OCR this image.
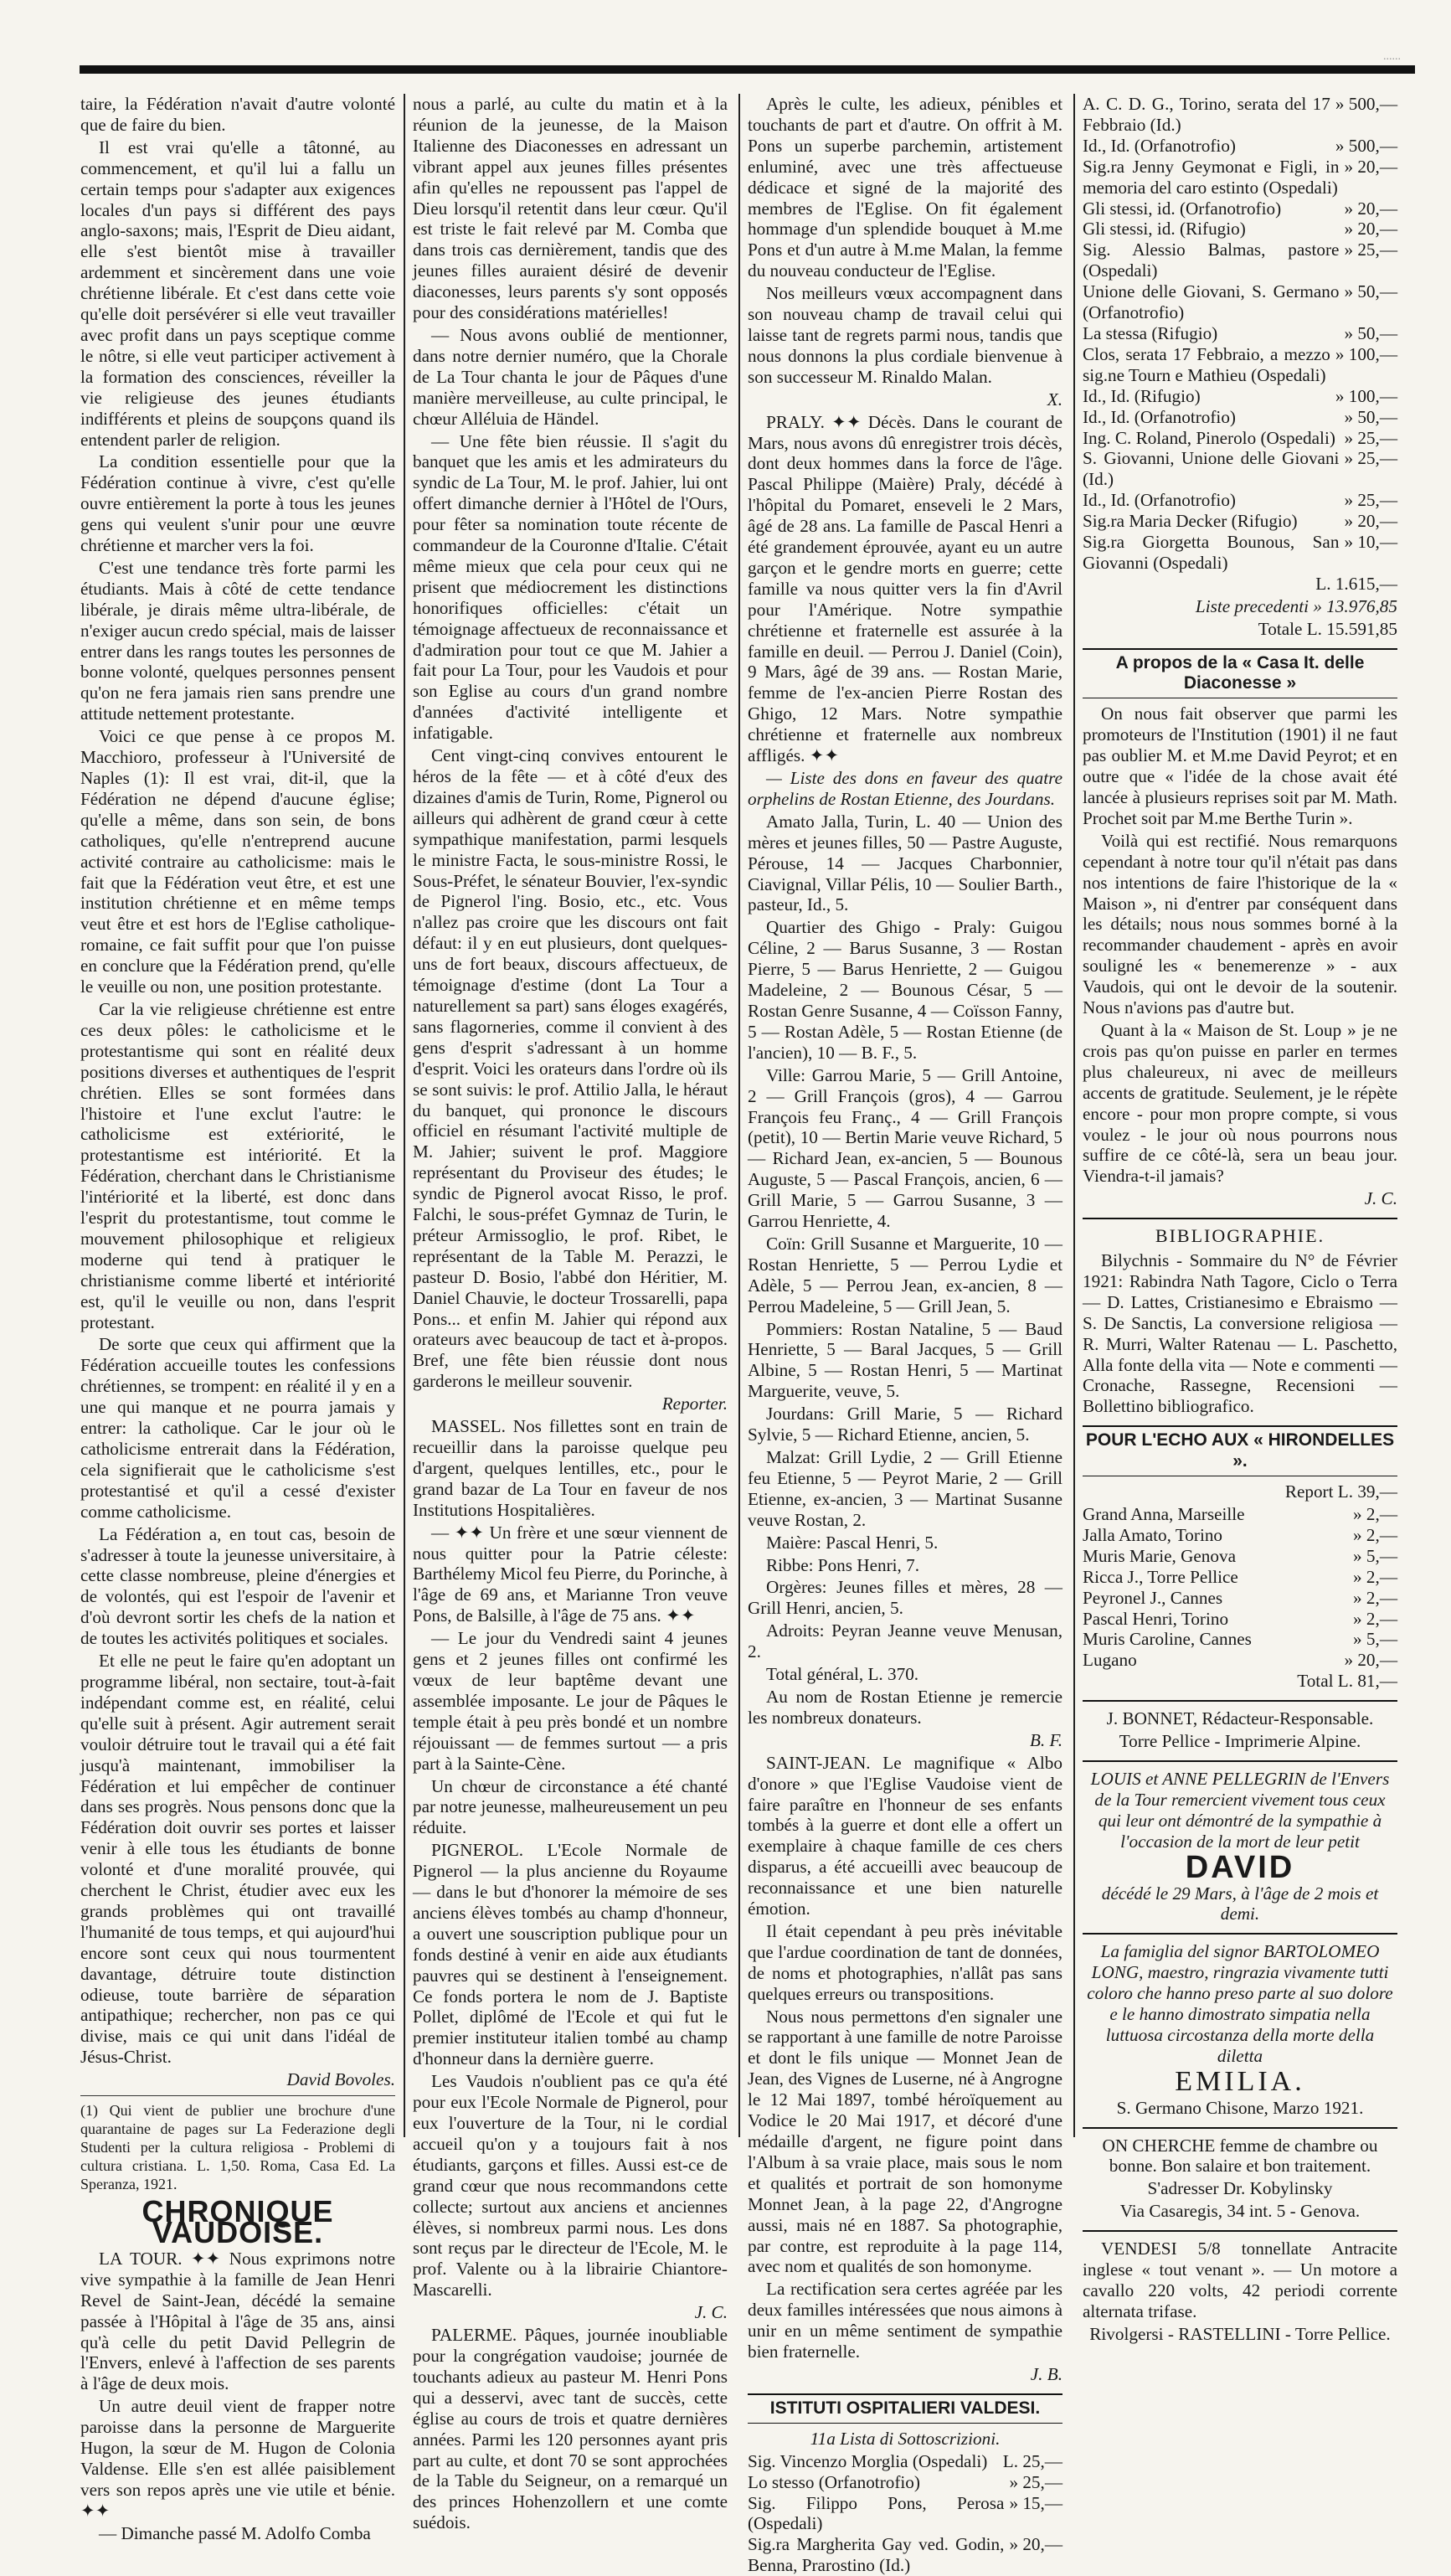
......

taire, la Fédération n'avait d'autre volonté que de faire du bien.

Il est vrai qu'elle a tâtonné, au commencement, et qu'il lui a fallu un certain temps pour s'adapter aux exigences locales d'un pays si différent des pays anglo-saxons; mais, l'Esprit de Dieu aidant, elle s'est bientôt mise à travailler ardemment et sincèrement dans une voie chrétienne libérale. Et c'est dans cette voie qu'elle doit persévérer si elle veut travailler avec profit dans un pays sceptique comme le nôtre, si elle veut participer activement à la formation des consciences, réveiller la vie religieuse des jeunes étudiants indifférents et pleins de soupçons quand ils entendent parler de religion.

La condition essentielle pour que la Fédération continue à vivre, c'est qu'elle ouvre entièrement la porte à tous les jeunes gens qui veulent s'unir pour une œuvre chrétienne et marcher vers la foi.

C'est une tendance très forte parmi les étudiants. Mais à côté de cette tendance libérale, je dirais même ultra-libérale, de n'exiger aucun credo spécial, mais de laisser entrer dans les rangs toutes les personnes de bonne volonté, quelques personnes pensent qu'on ne fera jamais rien sans prendre une attitude nettement protestante.

Voici ce que pense à ce propos M. Macchioro, professeur à l'Université de Naples (1): Il est vrai, dit-il, que la Fédération ne dépend d'aucune église; qu'elle a même, dans son sein, de bons catholiques, qu'elle n'entreprend aucune activité contraire au catholicisme: mais le fait que la Fédération veut être, et est une institution chrétienne et en même temps veut être et est hors de l'Eglise catholique-romaine, ce fait suffit pour que l'on puisse en conclure que la Fédération prend, qu'elle le veuille ou non, une position protestante.

Car la vie religieuse chrétienne est entre ces deux pôles: le catholicisme et le protestantisme qui sont en réalité deux positions diverses et authentiques de l'esprit chrétien. Elles se sont formées dans l'histoire et l'une exclut l'autre: le catholicisme est extériorité, le protestantisme est intériorité. Et la Fédération, cherchant dans le Christianisme l'intériorité et la liberté, est donc dans l'esprit du protestantisme, tout comme le mouvement philosophique et religieux moderne qui tend à pratiquer le christianisme comme liberté et intériorité est, qu'il le veuille ou non, dans l'esprit protestant.

De sorte que ceux qui affirment que la Fédération accueille toutes les confessions chrétiennes, se trompent: en réalité il y en a une qui manque et ne pourra jamais y entrer: la catholique. Car le jour où le catholicisme entrerait dans la Fédération, cela signifierait que le catholicisme s'est protestantisé et qu'il a cessé d'exister comme catholicisme.

La Fédération a, en tout cas, besoin de s'adresser à toute la jeunesse universitaire, à cette classe nombreuse, pleine d'énergies et de volontés, qui est l'espoir de l'avenir et d'où devront sortir les chefs de la nation et de toutes les activités politiques et sociales.

Et elle ne peut le faire qu'en adoptant un programme libéral, non sectaire, tout-à-fait indépendant comme est, en réalité, celui qu'elle suit à présent. Agir autrement serait vouloir détruire tout le travail qui a été fait jusqu'à maintenant, immobiliser la Fédération et lui empêcher de continuer dans ses progrès. Nous pensons donc que la Fédération doit ouvrir ses portes et laisser venir à elle tous les étudiants de bonne volonté et d'une moralité prouvée, qui cherchent le Christ, étudier avec eux les grands problèmes qui ont travaillé l'humanité de tous temps, et qui aujourd'hui encore sont ceux qui nous tourmentent davantage, détruire toute distinction odieuse, toute barrière de séparation antipathique; rechercher, non pas ce qui divise, mais ce qui unit dans l'idéal de Jésus-Christ.

David Bovoles.

(1) Qui vient de publier une brochure d'une quarantaine de pages sur La Federazione degli Studenti per la cultura religiosa - Problemi di cultura cristiana. L. 1,50. Roma, Casa Ed. La Speranza, 1921.
CHRONIQUE VAUDOISE.

LA TOUR. ✦✦ Nous exprimons notre vive sympathie à la famille de Jean Henri Revel de Saint-Jean, décédé la semaine passée à l'Hôpital à l'âge de 35 ans, ainsi qu'à celle du petit David Pellegrin de l'Envers, enlevé à l'affection de ses parents à l'âge de deux mois.

Un autre deuil vient de frapper notre paroisse dans la personne de Marguerite Hugon, la sœur de M. Hugon de Colonia Valdense. Elle s'en est allée paisiblement vers son repos après une vie utile et bénie. ✦✦

— Dimanche passé M. Adolfo Comba

nous a parlé, au culte du matin et à la réunion de la jeunesse, de la Maison Italienne des Diaconesses en adressant un vibrant appel aux jeunes filles présentes afin qu'elles ne repoussent pas l'appel de Dieu lorsqu'il retentit dans leur cœur. Qu'il est triste le fait relevé par M. Comba que dans trois cas dernièrement, tandis que des jeunes filles auraient désiré de devenir diaconesses, leurs parents s'y sont opposés pour des considérations matérielles!

— Nous avons oublié de mentionner, dans notre dernier numéro, que la Chorale de La Tour chanta le jour de Pâques d'une manière merveilleuse, au culte principal, le chœur Alléluia de Händel.

— Une fête bien réussie. Il s'agit du banquet que les amis et les admirateurs du syndic de La Tour, M. le prof. Jahier, lui ont offert dimanche dernier à l'Hôtel de l'Ours, pour fêter sa nomination toute récente de commandeur de la Couronne d'Italie. C'était même mieux que cela pour ceux qui ne prisent que médiocrement les distinctions honorifiques officielles: c'était un témoignage affectueux de reconnaissance et d'admiration pour tout ce que M. Jahier a fait pour La Tour, pour les Vaudois et pour son Eglise au cours d'un grand nombre d'années d'activité intelligente et infatigable.

Cent vingt-cinq convives entourent le héros de la fête — et à côté d'eux des dizaines d'amis de Turin, Rome, Pignerol ou ailleurs qui adhèrent de grand cœur à cette sympathique manifestation, parmi lesquels le ministre Facta, le sous-ministre Rossi, le Sous-Préfet, le sénateur Bouvier, l'ex-syndic de Pignerol l'ing. Bosio, etc., etc. Vous n'allez pas croire que les discours ont fait défaut: il y en eut plusieurs, dont quelques-uns de fort beaux, discours affectueux, de témoignage d'estime (dont La Tour a naturellement sa part) sans éloges exagérés, sans flagorneries, comme il convient à des gens d'esprit s'adressant à un homme d'esprit. Voici les orateurs dans l'ordre où ils se sont suivis: le prof. Attilio Jalla, le héraut du banquet, qui prononce le discours officiel en résumant l'activité multiple de M. Jahier; suivent le prof. Maggiore représentant du Proviseur des études; le syndic de Pignerol avocat Risso, le prof. Falchi, le sous-préfet Gymnaz de Turin, le préteur Armissoglio, le prof. Ribet, le représentant de la Table M. Perazzi, le pasteur D. Bosio, l'abbé don Héritier, M. Daniel Chauvie, le docteur Trossarelli, papa Pons... et enfin M. Jahier qui répond aux orateurs avec beaucoup de tact et à-propos. Bref, une fête bien réussie dont nous garderons le meilleur souvenir.

Reporter.

MASSEL. Nos fillettes sont en train de recueillir dans la paroisse quelque peu d'argent, quelques lentilles, etc., pour le grand bazar de La Tour en faveur de nos Institutions Hospitalières.

— ✦✦ Un frère et une sœur viennent de nous quitter pour la Patrie céleste: Barthélemy Micol feu Pierre, du Porinche, à l'âge de 69 ans, et Marianne Tron veuve Pons, de Balsille, à l'âge de 75 ans. ✦✦

— Le jour du Vendredi saint 4 jeunes gens et 2 jeunes filles ont confirmé les vœux de leur baptême devant une assemblée imposante. Le jour de Pâques le temple était à peu près bondé et un nombre réjouissant — de femmes surtout — a pris part à la Sainte-Cène.

Un chœur de circonstance a été chanté par notre jeunesse, malheureusement un peu réduite.

PIGNEROL. L'Ecole Normale de Pignerol — la plus ancienne du Royaume — dans le but d'honorer la mémoire de ses anciens élèves tombés au champ d'honneur, a ouvert une souscription publique pour un fonds destiné à venir en aide aux étudiants pauvres qui se destinent à l'enseignement. Ce fonds portera le nom de J. Baptiste Pollet, diplômé de l'Ecole et qui fut le premier instituteur italien tombé au champ d'honneur dans la dernière guerre.

Les Vaudois n'oublient pas ce qu'a été pour eux l'Ecole Normale de Pignerol, pour eux l'ouverture de la Tour, ni le cordial accueil qu'on y a toujours fait à nos étudiants, garçons et filles. Aussi est-ce de grand cœur que nous recommandons cette collecte; surtout aux anciens et anciennes élèves, si nombreux parmi nous. Les dons sont reçus par le directeur de l'Ecole, M. le prof. Valente ou à la librairie Chiantore-Mascarelli.

J. C.

PALERME. Pâques, journée inoubliable pour la congrégation vaudoise; journée de touchants adieux au pasteur M. Henri Pons qui a desservi, avec tant de succès, cette église au cours de trois et quatre dernières années. Parmi les 120 personnes ayant pris part au culte, et dont 70 se sont approchées de la Table du Seigneur, on a remarqué un des princes Hohenzollern et une comte suédois.

Après le culte, les adieux, pénibles et touchants de part et d'autre. On offrit à M. Pons un superbe parchemin, artistement enluminé, avec une très affectueuse dédicace et signé de la majorité des membres de l'Eglise. On fit également hommage d'un splendide bouquet à M.me Pons et d'un autre à M.me Malan, la femme du nouveau conducteur de l'Eglise.

Nos meilleurs vœux accompagnent dans son nouveau champ de travail celui qui laisse tant de regrets parmi nous, tandis que nous donnons la plus cordiale bienvenue à son successeur M. Rinaldo Malan.

X.

PRALY. ✦✦ Décès. Dans le courant de Mars, nous avons dû enregistrer trois décès, dont deux hommes dans la force de l'âge. Pascal Philippe (Maière) Praly, décédé à l'hôpital du Pomaret, enseveli le 2 Mars, âgé de 28 ans. La famille de Pascal Henri a été grandement éprouvée, ayant eu un autre garçon et le gendre morts en guerre; cette famille va nous quitter vers la fin d'Avril pour l'Amérique. Notre sympathie chrétienne et fraternelle est assurée à la famille en deuil. — Perrou J. Daniel (Coin), 9 Mars, âgé de 39 ans. — Rostan Marie, femme de l'ex-ancien Pierre Rostan des Ghigo, 12 Mars. Notre sympathie chrétienne et fraternelle aux nombreux affligés. ✦✦

— Liste des dons en faveur des quatre orphelins de Rostan Etienne, des Jourdans.

Amato Jalla, Turin, L. 40 — Union des mères et jeunes filles, 50 — Pastre Auguste, Pérouse, 14 — Jacques Charbonnier, Ciavignal, Villar Pélis, 10 — Soulier Barth., pasteur, Id., 5.

Quartier des Ghigo - Praly: Guigou Céline, 2 — Barus Susanne, 3 — Rostan Pierre, 5 — Barus Henriette, 2 — Guigou Madeleine, 2 — Bounous César, 5 — Rostan Genre Susanne, 4 — Coïsson Fanny, 5 — Rostan Adèle, 5 — Rostan Etienne (de l'ancien), 10 — B. F., 5.

Ville: Garrou Marie, 5 — Grill Antoine, 2 — Grill François (gros), 4 — Garrou François feu Franç., 4 — Grill François (petit), 10 — Bertin Marie veuve Richard, 5 — Richard Jean, ex-ancien, 5 — Bounous Auguste, 5 — Pascal François, ancien, 6 — Grill Marie, 5 — Garrou Susanne, 3 — Garrou Henriette, 4.

Coïn: Grill Susanne et Marguerite, 10 — Rostan Henriette, 5 — Perrou Lydie et Adèle, 5 — Perrou Jean, ex-ancien, 8 — Perrou Madeleine, 5 — Grill Jean, 5.

Pommiers: Rostan Nataline, 5 — Baud Henriette, 5 — Baral Jacques, 5 — Grill Albine, 5 — Rostan Henri, 5 — Martinat Marguerite, veuve, 5.

Jourdans: Grill Marie, 5 — Richard Sylvie, 5 — Richard Etienne, ancien, 5.

Malzat: Grill Lydie, 2 — Grill Etienne feu Etienne, 5 — Peyrot Marie, 2 — Grill Etienne, ex-ancien, 3 — Martinat Susanne veuve Rostan, 2.

Maière: Pascal Henri, 5.

Ribbe: Pons Henri, 7.

Orgères: Jeunes filles et mères, 28 — Grill Henri, ancien, 5.

Adroits: Peyran Jeanne veuve Menusan, 2.

Total général, L. 370.

Au nom de Rostan Etienne je remercie les nombreux donateurs.

B. F.

SAINT-JEAN. Le magnifique « Albo d'onore » que l'Eglise Vaudoise vient de faire paraître en l'honneur de ses enfants tombés à la guerre et dont elle a offert un exemplaire à chaque famille de ces chers disparus, a été accueilli avec beaucoup de reconnaissance et une bien naturelle émotion.

Il était cependant à peu près inévitable que l'ardue coordination de tant de données, de noms et photographies, n'allât pas sans quelques erreurs ou transpositions.

Nous nous permettons d'en signaler une se rapportant à une famille de notre Paroisse et dont le fils unique — Monnet Jean de Jean, des Vignes de Luserne, né à Angrogne le 12 Mai 1897, tombé héroïquement au Vodice le 20 Mai 1917, et décoré d'une médaille d'argent, ne figure point dans l'Album à sa vraie place, mais sous le nom et qualités et portrait de son homonyme Monnet Jean, à la page 22, d'Angrogne aussi, mais né en 1887. Sa photographie, par contre, est reproduite à la page 114, avec nom et qualités de son homonyme.

La rectification sera certes agréée par les deux familles intéressées que nous aimons à unir en un même sentiment de sympathie bien fraternelle.

J. B.

ISTITUTI OSPITALIERI VALDESI.

11a Lista di Sottoscrizioni.

Sig. Vincenzo Morglia (Ospedali) L. 25,—
Lo stesso (Orfanotrofio)	» 25,—
Sig. Filippo Pons, Perosa (Ospedali)
» 15,—
Sig.ra Margherita Gay ved. Godin, Benna, Prarostino (Id.)
» 20,—
A. C. D. G., Torino, serata del 17 Febbraio (Id.)
» 500,—
Id., Id. (Orfanotrofio)	» 500,—
Sig.ra Jenny Geymonat e Figli, in memoria del caro estinto (Ospedali)
» 20,—
Gli stessi, id. (Orfanotrofio)	» 20,—
Gli stessi, id. (Rifugio)	» 20,—
Sig. Alessio Balmas, pastore (Ospedali)
» 25,—
Unione delle Giovani, S. Germano (Orfanotrofio)
» 50,—
La stessa (Rifugio)	» 50,—
Clos, serata 17 Febbraio, a mezzo sig.ne Tourn e Mathieu (Ospedali)
» 100,—
Id., Id. (Rifugio)	» 100,—
Id., Id. (Orfanotrofio)	» 50,—
Ing. C. Roland, Pinerolo (Ospedali) » 25,—
S. Giovanni, Unione delle Giovani (Id.)
» 25,—
Id., Id. (Orfanotrofio)	» 25,—
Sig.ra Maria Decker (Rifugio)	» 20,—
Sig.ra Giorgetta Bounous, San Giovanni (Ospedali)
» 10,—

L. 1.615,—

Liste precedenti » 13.976,85

Totale L. 15.591,85

A propos de la « Casa It. delle Diaconesse »

On nous fait observer que parmi les promoteurs de l'Institution (1901) il ne faut pas oublier M. et M.me David Peyrot; et en outre que « l'idée de la chose avait été lancée à plusieurs reprises soit par M. Math. Prochet soit par M.me Berthe Turin ».

Voilà qui est rectifié. Nous remarquons cependant à notre tour qu'il n'était pas dans nos intentions de faire l'historique de la « Maison », ni d'entrer par conséquent dans les détails; nous nous sommes borné à la recommander chaudement - après en avoir souligné les « benemerenze » - aux Vaudois, qui ont le devoir de la soutenir. Nous n'avions pas d'autre but.

Quant à la « Maison de St. Loup » je ne crois pas qu'on puisse en parler en termes plus chaleureux, ni avec de meilleurs accents de gratitude. Seulement, je le répète encore - pour mon propre compte, si vous voulez - le jour où nous pourrons nous suffire de ce côté-là, sera un beau jour. Viendra-t-il jamais?

J. C.

BIBLIOGRAPHIE.

Bilychnis - Sommaire du N° de Février 1921: Rabindra Nath Tagore, Ciclo o Terra — D. Lattes, Cristianesimo e Ebraismo — S. De Sanctis, La conversione religiosa — R. Murri, Walter Ratenau — L. Paschetto, Alla fonte della vita — Note e commenti — Cronache, Rassegne, Recensioni — Bollettino bibliografico.

POUR L'ECHO AUX « HIRONDELLES ».

Report L. 39,—

Grand Anna, Marseille	» 2,—
Jalla Amato, Torino	» 2,—
Muris Marie, Genova	» 5,—
Ricca J., Torre Pellice	» 2,—
Peyronel J., Cannes	» 2,—
Pascal Henri, Torino	» 2,—
Muris Caroline, Cannes	» 5,—
Lugano	» 20,—

Total L. 81,—

J. BONNET, Rédacteur-Responsable.

Torre Pellice - Imprimerie Alpine.

LOUIS et ANNE PELLEGRIN de l'Envers de la Tour remercient vivement tous ceux qui leur ont démontré de la sympathie à l'occasion de la mort de leur petit

DAVID

décédé le 29 Mars, à l'âge de 2 mois et demi.

La famiglia del signor BARTOLOMEO LONG, maestro, ringrazia vivamente tutti coloro che hanno preso parte al suo dolore e le hanno dimostrato simpatia nella luttuosa circostanza della morte della diletta

EMILIA.

S. Germano Chisone, Marzo 1921.

ON CHERCHE femme de chambre ou bonne. Bon salaire et bon traitement.

S'adresser Dr. Kobylinsky

Via Casaregis, 34 int. 5 - Genova.

VENDESI 5/8 tonnellate Antracite inglese « tout venant ». — Un motore a cavallo 220 volts, 42 periodi corrente alternata trifase.

Rivolgersi - RASTELLINI - Torre Pellice.
